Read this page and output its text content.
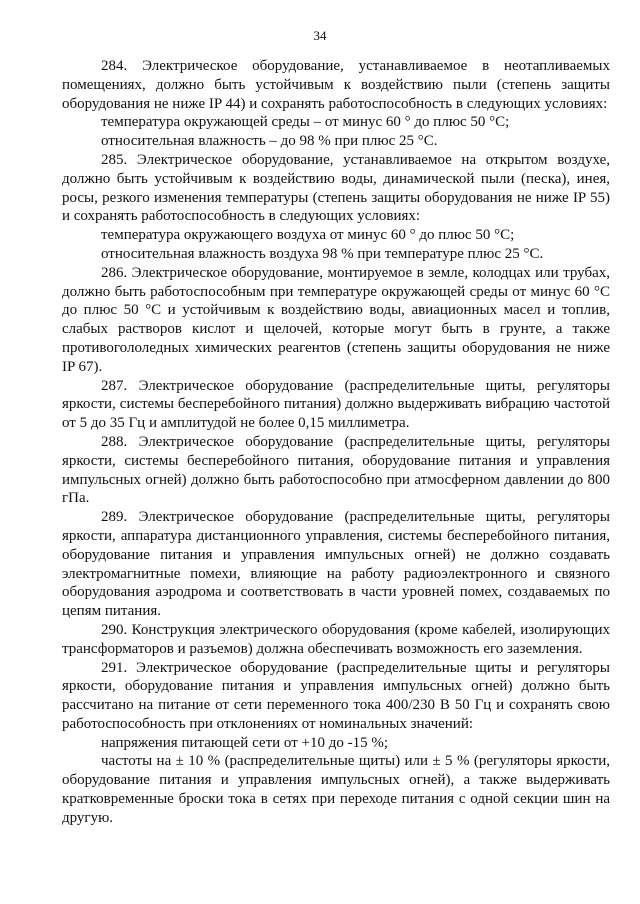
34

284. Электрическое оборудование, устанавливаемое в неотапливаемых помещениях, должно быть устойчивым к воздействию пыли (степень защиты оборудования не ниже IP 44) и сохранять работоспособность в следующих условиях:

температура окружающей среды – от минус 60 ° до плюс 50 °С;

относительная влажность – до 98 % при плюс 25 °С.

285. Электрическое оборудование, устанавливаемое на открытом воздухе, должно быть устойчивым к воздействию воды, динамической пыли (песка), инея, росы, резкого изменения температуры (степень защиты оборудования не ниже IP 55) и сохранять работоспособность в следующих условиях:

температура окружающего воздуха от минус 60 ° до плюс 50 °С;

относительная влажность воздуха 98 % при температуре плюс 25 °С.

286. Электрическое оборудование, монтируемое в земле, колодцах или трубах, должно быть работоспособным при температуре окружающей среды от минус 60 °С до плюс 50 °С и устойчивым к воздействию воды, авиационных масел и топлив, слабых растворов кислот и щелочей, которые могут быть в грунте, а также противогололедных химических реагентов (степень защиты оборудования не ниже IP 67).

287. Электрическое оборудование (распределительные щиты, регуляторы яркости, системы бесперебойного питания) должно выдерживать вибрацию частотой от 5 до 35 Гц и амплитудой не более 0,15 миллиметра.

288. Электрическое оборудование (распределительные щиты, регуляторы яркости, системы бесперебойного питания, оборудование питания и управления импульсных огней) должно быть работоспособно при атмосферном давлении до 800 гПа.

289. Электрическое оборудование (распределительные щиты, регуляторы яркости, аппаратура дистанционного управления, системы бесперебойного питания, оборудование питания и управления импульсных огней) не должно создавать электромагнитные помехи, влияющие на работу радиоэлектронного и связного оборудования аэродрома и соответствовать в части уровней помех, создаваемых по цепям питания.

290. Конструкция электрического оборудования (кроме кабелей, изолирующих трансформаторов и разъемов) должна обеспечивать возможность его заземления.

291. Электрическое оборудование (распределительные щиты и регуляторы яркости, оборудование питания и управления импульсных огней) должно быть рассчитано на питание от сети переменного тока 400/230 В 50 Гц и сохранять свою работоспособность при отклонениях от номинальных значений:

напряжения питающей сети от +10 до -15 %;

частоты на ± 10 % (распределительные щиты) или ± 5 % (регуляторы яркости, оборудование питания и управления импульсных огней), а также выдерживать кратковременные броски тока в сетях при переходе питания с одной секции шин на другую.
